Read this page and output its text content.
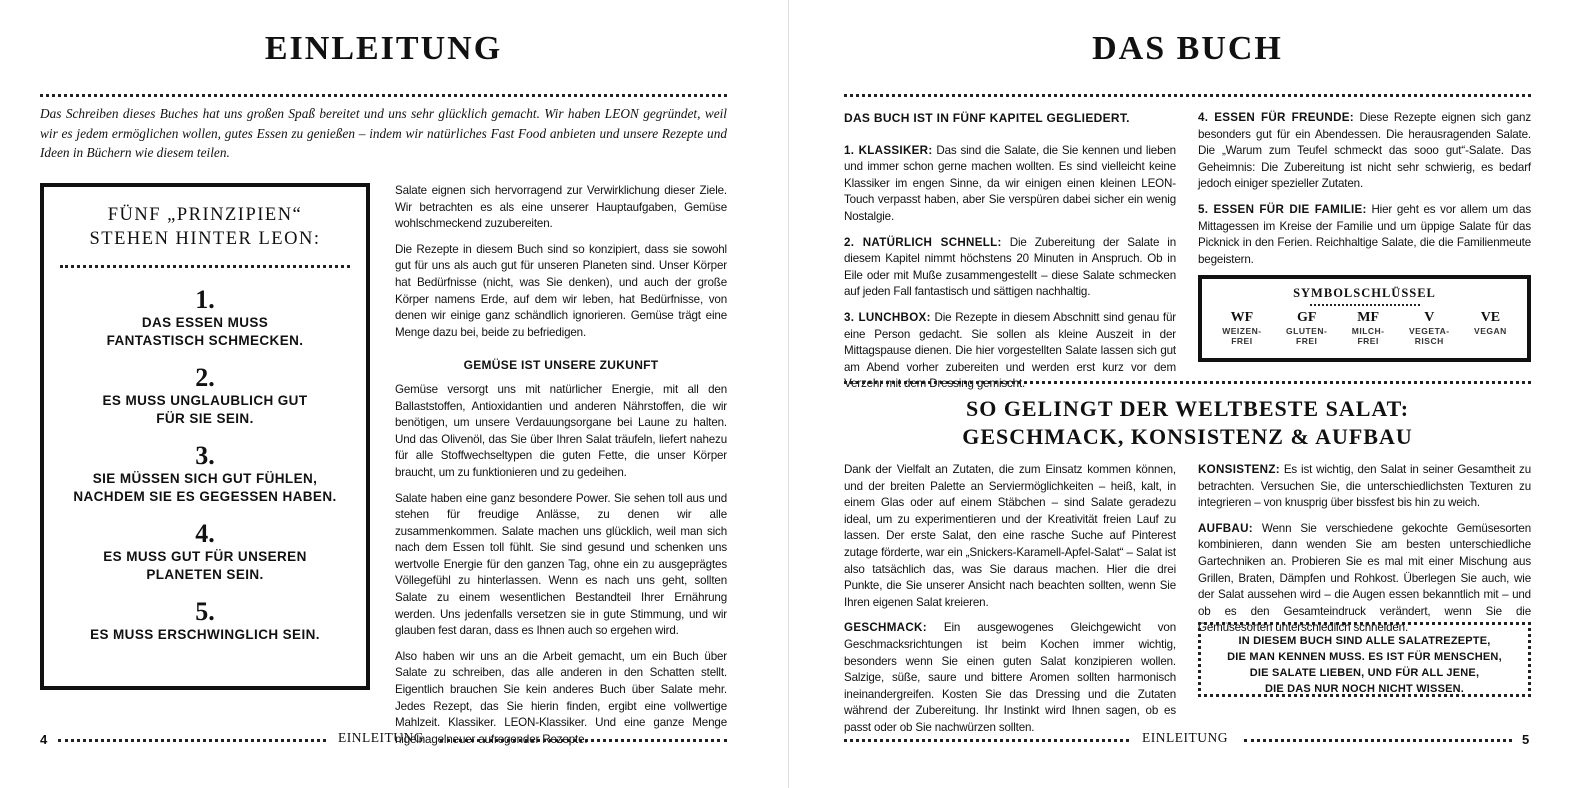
EINLEITUNG

Das Schreiben dieses Buches hat uns großen Spaß bereitet und uns sehr glücklich gemacht. Wir haben LEON gegründet, weil wir es jedem ermöglichen wollen, gutes Essen zu genießen – indem wir natürliches Fast Food anbieten und unsere Rezepte und Ideen in Büchern wie diesem teilen.

FÜNF „PRINZIPIEN“
STEHEN HINTER LEON:
1.
DAS ESSEN MUSS
FANTASTISCH SCHMECKEN.
2.
ES MUSS UNGLAUBLICH GUT
FÜR SIE SEIN.
3.
SIE MÜSSEN SICH GUT FÜHLEN,
NACHDEM SIE ES GEGESSEN HABEN.
4.
ES MUSS GUT FÜR UNSEREN
PLANETEN SEIN.
5.
ES MUSS ERSCHWINGLICH SEIN.

Salate eignen sich hervorragend zur Verwirklichung dieser Ziele. Wir betrachten es als eine unserer Hauptaufgaben, Gemüse wohlschmeckend zuzubereiten.

Die Rezepte in diesem Buch sind so konzipiert, dass sie sowohl gut für uns als auch gut für unseren Planeten sind. Unser Körper hat Bedürfnisse (nicht, was Sie denken), und auch der große Körper namens Erde, auf dem wir leben, hat Bedürfnisse, von denen wir einige ganz schändlich ignorieren. Gemüse trägt eine Menge dazu bei, beide zu befriedigen.

GEMÜSE IST UNSERE ZUKUNFT

Gemüse versorgt uns mit natürlicher Energie, mit all den Ballaststoffen, Antioxidantien und anderen Nährstoffen, die wir benötigen, um unsere Verdauungsorgane bei Laune zu halten. Und das Olivenöl, das Sie über Ihren Salat träufeln, liefert nahezu für alle Stoffwechseltypen die guten Fette, die unser Körper braucht, um zu funktionieren und zu gedeihen.

Salate haben eine ganz besondere Power. Sie sehen toll aus und stehen für freudige Anlässe, zu denen wir alle zusammenkommen. Salate machen uns glücklich, weil man sich nach dem Essen toll fühlt. Sie sind gesund und schenken uns wertvolle Energie für den ganzen Tag, ohne ein zu ausgeprägtes Völlegefühl zu hinterlassen. Wenn es nach uns geht, sollten Salate zu einem wesentlichen Bestandteil Ihrer Ernährung werden. Uns jedenfalls versetzen sie in gute Stimmung, und wir glauben fest daran, dass es Ihnen auch so ergehen wird.

Also haben wir uns an die Arbeit gemacht, um ein Buch über Salate zu schreiben, das alle anderen in den Schatten stellt. Eigentlich brauchen Sie kein anderes Buch über Salate mehr. Jedes Rezept, das Sie hierin finden, ergibt eine vollwertige Mahlzeit. Klassiker. LEON-Klassiker. Und eine ganze Menge nigelnagelneuer aufregender Rezepte.

4	EINLEITUNG
DAS BUCH

DAS BUCH IST IN FÜNF KAPITEL GEGLIEDERT.

1. KLASSIKER: Das sind die Salate, die Sie kennen und lieben und immer schon gerne machen wollten. Es sind vielleicht keine Klassiker im engen Sinne, da wir einigen einen kleinen LEON-Touch verpasst haben, aber Sie verspüren dabei sicher ein wenig Nostalgie.

2. NATÜRLICH SCHNELL: Die Zubereitung der Salate in diesem Kapitel nimmt höchstens 20 Minuten in Anspruch. Ob in Eile oder mit Muße zusammengestellt – diese Salate schmecken auf jeden Fall fantastisch und sättigen nachhaltig.

3. LUNCHBOX: Die Rezepte in diesem Abschnitt sind genau für eine Person gedacht. Sie sollen als kleine Auszeit in der Mittagspause dienen. Die hier vorgestellten Salate lassen sich gut am Abend vorher zubereiten und werden erst kurz vor dem Verzehr mit dem Dressing gemischt.

4. ESSEN FÜR FREUNDE: Diese Rezepte eignen sich ganz besonders gut für ein Abendessen. Die herausragenden Salate. Die „Warum zum Teufel schmeckt das sooo gut“-Salate. Das Geheimnis: Die Zubereitung ist nicht sehr schwierig, es bedarf jedoch einiger spezieller Zutaten.

5. ESSEN FÜR DIE FAMILIE: Hier geht es vor allem um das Mittagessen im Kreise der Familie und um üppige Salate für das Picknick in den Ferien. Reichhaltige Salate, die die Familienmeute begeistern.

SYMBOLSCHLÜSSEL
WF
WEIZEN-
FREI
GF
GLUTEN-
FREI
MF
MILCH-
FREI
V
VEGETA-
RISCH
VE
VEGAN
SO GELINGT DER WELTBESTE SALAT:
GESCHMACK, KONSISTENZ & AUFBAU

Dank der Vielfalt an Zutaten, die zum Einsatz kommen können, und der breiten Palette an Serviermöglichkeiten – heiß, kalt, in einem Glas oder auf einem Stäbchen – sind Salate geradezu ideal, um zu experimentieren und der Kreativität freien Lauf zu lassen. Der erste Salat, den eine rasche Suche auf Pinterest zutage förderte, war ein „Snickers-Karamell-Apfel-Salat“ – Salat ist also tatsächlich das, was Sie daraus machen. Hier die drei Punkte, die Sie unserer Ansicht nach beachten sollten, wenn Sie Ihren eigenen Salat kreieren.

GESCHMACK: Ein ausgewogenes Gleichgewicht von Geschmacksrichtungen ist beim Kochen immer wichtig, besonders wenn Sie einen guten Salat konzipieren wollen. Salzige, süße, saure und bittere Aromen sollten harmonisch ineinandergreifen. Kosten Sie das Dressing und die Zutaten während der Zubereitung. Ihr Instinkt wird Ihnen sagen, ob es passt oder ob Sie nachwürzen sollten.

KONSISTENZ: Es ist wichtig, den Salat in seiner Gesamtheit zu betrachten. Versuchen Sie, die unterschiedlichsten Texturen zu integrieren – von knusprig über bissfest bis hin zu weich.

AUFBAU: Wenn Sie verschiedene gekochte Gemüsesorten kombinieren, dann wenden Sie am besten unterschiedliche Gartechniken an. Probieren Sie es mal mit einer Mischung aus Grillen, Braten, Dämpfen und Rohkost. Überlegen Sie auch, wie der Salat aussehen wird – die Augen essen bekanntlich mit – und ob es den Gesamteindruck verändert, wenn Sie die Gemüsesorten unterschiedlich schneiden.

IN DIESEM BUCH SIND ALLE SALATREZEPTE,
DIE MAN KENNEN MUSS. ES IST FÜR MENSCHEN,
DIE SALATE LIEBEN, UND FÜR ALL JENE,
DIE DAS NUR NOCH NICHT WISSEN.
EINLEITUNG	5
